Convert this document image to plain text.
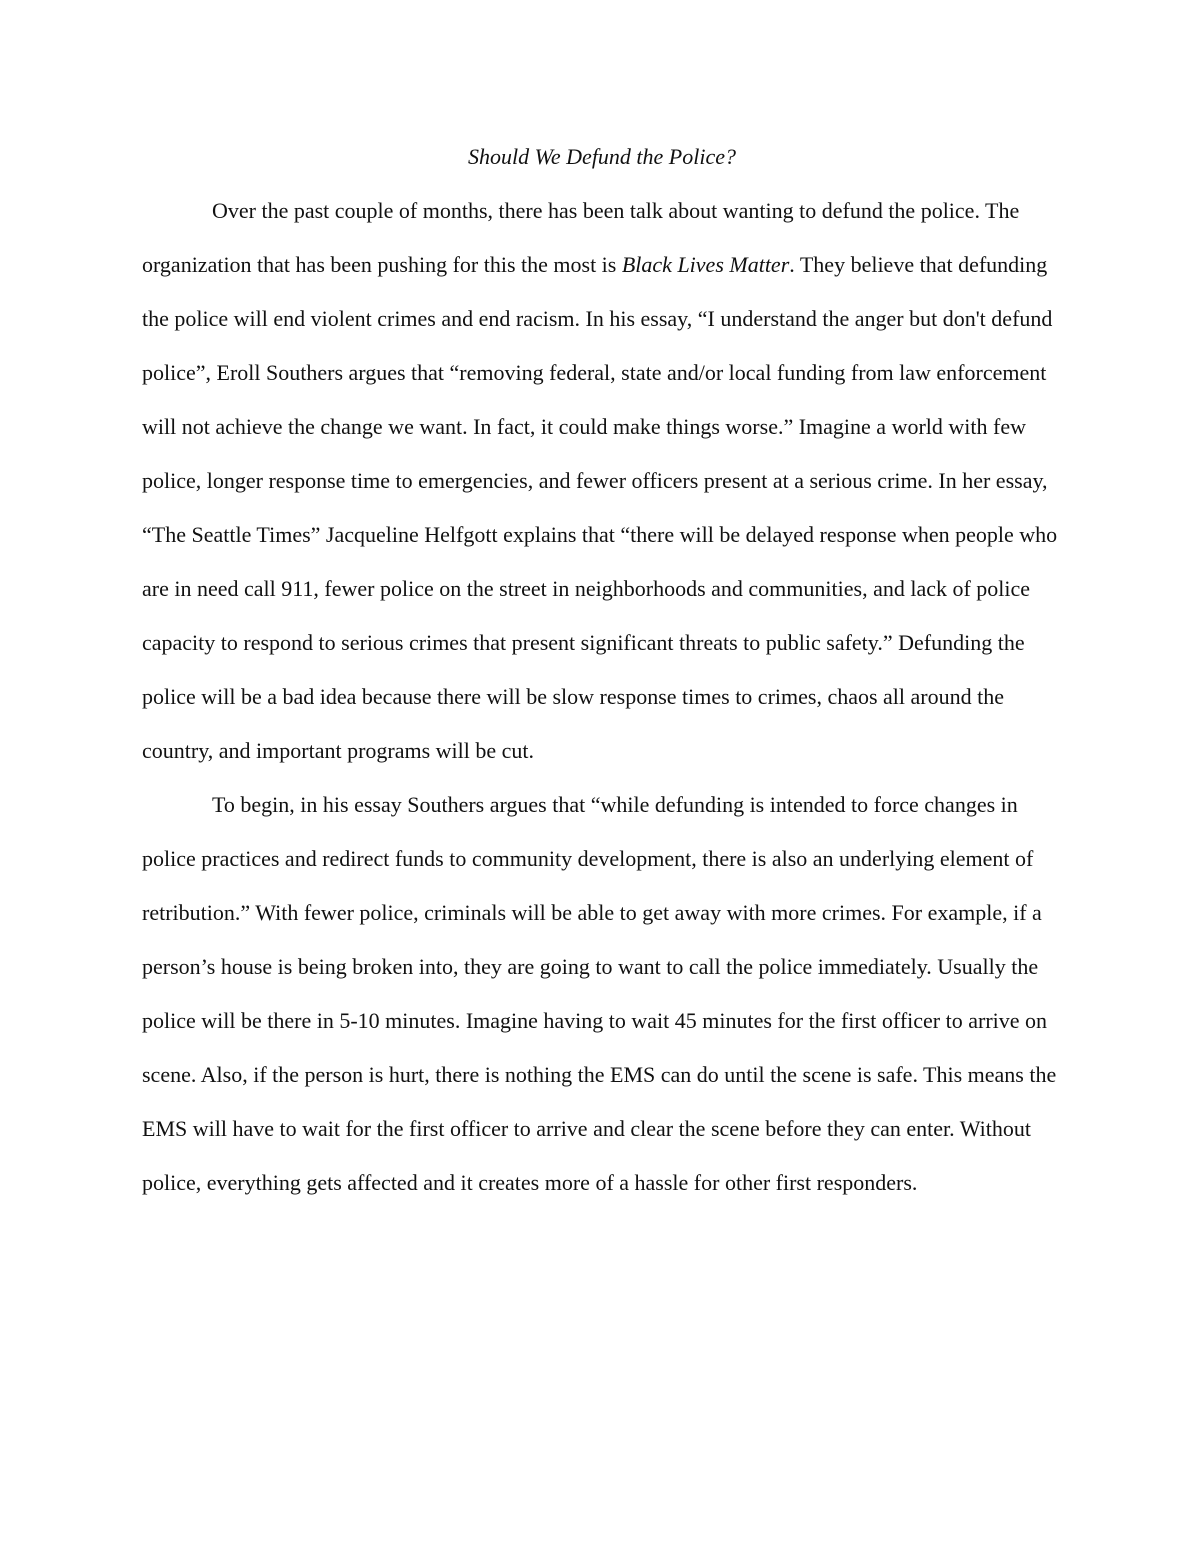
Should We Defund the Police?

Over the past couple of months, there has been talk about wanting to defund the police. The organization that has been pushing for this the most is Black Lives Matter. They believe that defunding the police will end violent crimes and end racism. In his essay, “I understand the anger but don't defund police”, Eroll Southers argues that “removing federal, state and/or local funding from law enforcement will not achieve the change we want. In fact, it could make things worse.” Imagine a world with few police, longer response time to emergencies, and fewer officers present at a serious crime. In her essay, “The Seattle Times” Jacqueline Helfgott explains that “there will be delayed response when people who are in need call 911, fewer police on the street in neighborhoods and communities, and lack of police capacity to respond to serious crimes that present significant threats to public safety.” Defunding the police will be a bad idea because there will be slow response times to crimes, chaos all around the country, and important programs will be cut.

To begin, in his essay Southers argues that “while defunding is intended to force changes in police practices and redirect funds to community development, there is also an underlying element of retribution.” With fewer police, criminals will be able to get away with more crimes. For example, if a person’s house is being broken into, they are going to want to call the police immediately. Usually the police will be there in 5-10 minutes. Imagine having to wait 45 minutes for the first officer to arrive on scene. Also, if the person is hurt, there is nothing the EMS can do until the scene is safe. This means the EMS will have to wait for the first officer to arrive and clear the scene before they can enter. Without police, everything gets affected and it creates more of a hassle for other first responders.
